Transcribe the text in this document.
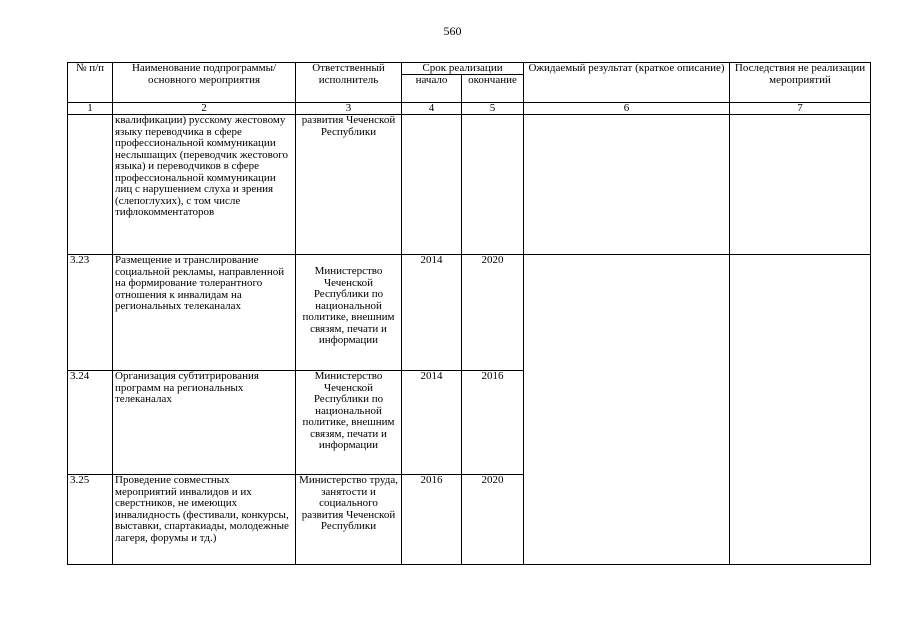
560
№ п/п	Наименование подпрограммы/ основного мероприятия	Ответственный исполнитель	Срок реализации		Ожидаемый результат (краткое описание)	Последствия не реализации мероприятий
			начало	окончание		
1	2	3	4	5	6	7
	квалификации) русскому жестовому языку переводчика в сфере профессиональной коммуникации неслышащих (переводчик жестового языка) и переводчиков в сфере профессиональной коммуникации лиц с нарушением слуха и зрения (слепоглухих), с том числе тифлокомментаторов	развития Чеченской Республики				
3.23	Размещение и транслирование социальной рекламы, направленной на формирование толерантного отношения к инвалидам на региональных телеканалах	Министерство Чеченской Республики по национальной политике, внешним связям, печати и информации	2014	2020		
3.24	Организация субтитрирования программ на региональных телеканалах	Министерство Чеченской Республики по национальной политике, внешним связям, печати и информации	2014	2016		
3.25	Проведение совместных мероприятий инвалидов и их сверстников, не имеющих инвалидность (фестивали, конкурсы, выставки, спартакиады, молодежные лагеря, форумы и тд.)	Министерство труда, занятости и социального развития Чеченской Республики	2016	2020		
